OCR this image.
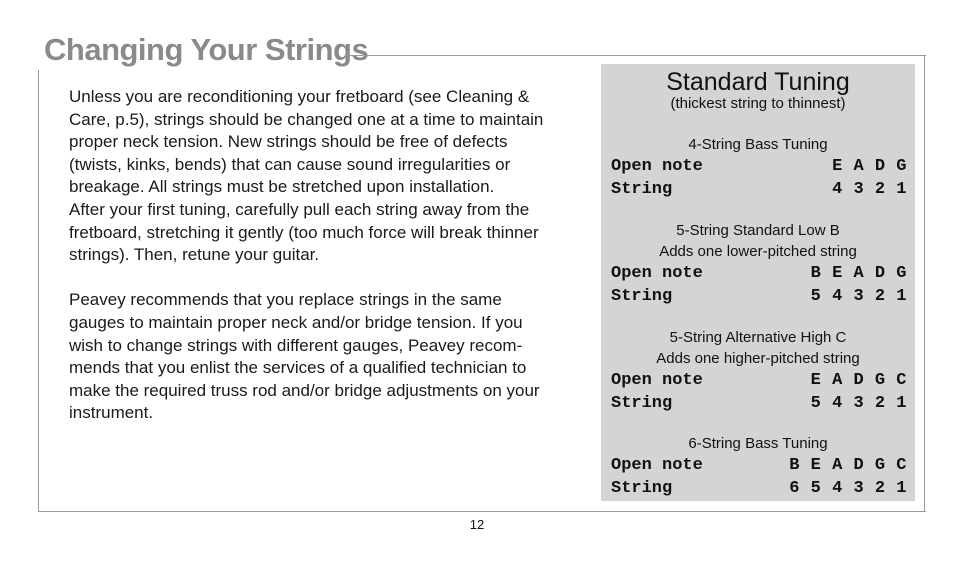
Changing Your Strings

Unless you are reconditioning your fretboard (see Cleaning &

Care, p.5), strings should be changed one at a time to maintain

proper neck tension. New strings should be free of defects

(twists, kinks, bends) that can cause sound irregularities or

breakage. All strings must be stretched upon installation.

After your first tuning, carefully pull each string away from the

fretboard, stretching it gently (too much force will break thinner

strings). Then, retune your guitar.

Peavey recommends that you replace strings in the same

gauges to maintain proper neck and/or bridge tension. If you

wish to change strings with different gauges, Peavey recom-

mends that you enlist the services of a qualified technician to

make the required truss rod and/or bridge adjustments on your

instrument.

Standard Tuning
(thickest string to thinnest)
4-String Bass Tuning
Open note	E A D G
String	4 3 2 1
5-String Standard Low B
Adds one lower-pitched string
Open note	B E A D G
String	5 4 3 2 1
5-String Alternative High C
Adds one higher-pitched string
Open note	E A D G C
String	5 4 3 2 1
6-String Bass Tuning
Open note	B E A D G C
String	6 5 4 3 2 1
12
